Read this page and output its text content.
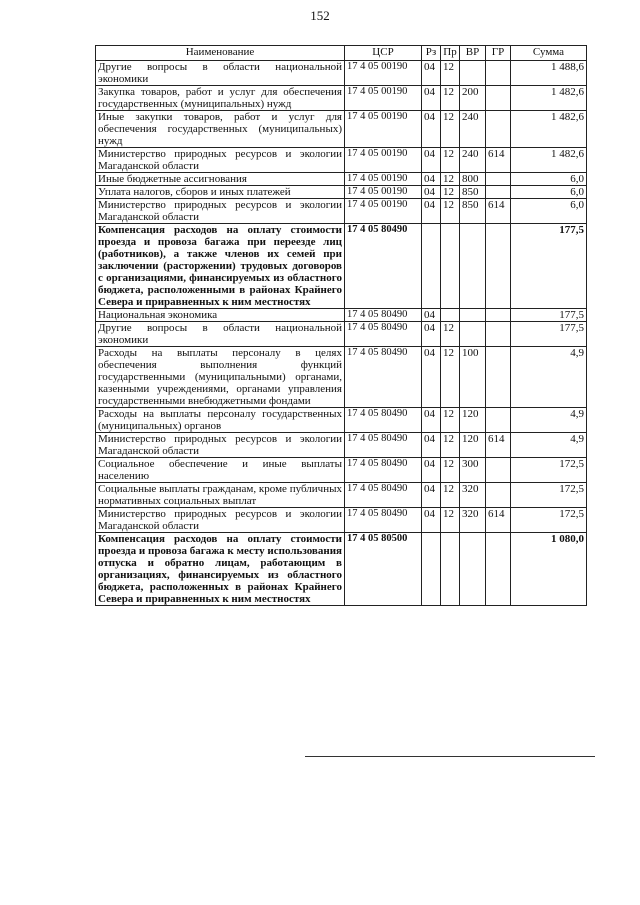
152
Наименование	ЦСР	Рз	Пр	ВР	ГР	Сумма
Другие вопросы в области национальной экономики	17 4 05 00190	04	12			1 488,6
Закупка товаров, работ и услуг для обеспечения государственных (муниципальных) нужд	17 4 05 00190	04	12	200		1 482,6
Иные закупки товаров, работ и услуг для обеспечения государственных (муниципальных) нужд	17 4 05 00190	04	12	240		1 482,6
Министерство природных ресурсов и экологии Магаданской области	17 4 05 00190	04	12	240	614	1 482,6
Иные бюджетные ассигнования	17 4 05 00190	04	12	800		6,0
Уплата налогов, сборов и иных платежей	17 4 05 00190	04	12	850		6,0
Министерство природных ресурсов и экологии Магаданской области	17 4 05 00190	04	12	850	614	6,0
Компенсация расходов на оплату стоимости проезда и провоза багажа при переезде лиц (работников), а также членов их семей при заключении (расторжении) трудовых договоров с организациями, финансируемых из областного бюджета, расположенными в районах Крайнего Севера и приравненных к ним местностях	17 4 05 80490					177,5
Национальная экономика	17 4 05 80490	04				177,5
Другие вопросы в области национальной экономики	17 4 05 80490	04	12			177,5
Расходы на выплаты персоналу в целях обеспечения выполнения функций государственными (муниципальными) органами, казенными учреждениями, органами управления государственными внебюджетными фондами	17 4 05 80490	04	12	100		4,9
Расходы на выплаты персоналу государственных (муниципальных) органов	17 4 05 80490	04	12	120		4,9
Министерство природных ресурсов и экологии Магаданской области	17 4 05 80490	04	12	120	614	4,9
Социальное обеспечение и иные выплаты населению	17 4 05 80490	04	12	300		172,5
Социальные выплаты гражданам, кроме публичных нормативных социальных выплат	17 4 05 80490	04	12	320		172,5
Министерство природных ресурсов и экологии Магаданской области	17 4 05 80490	04	12	320	614	172,5
Компенсация расходов на оплату стоимости проезда и провоза багажа к месту использования отпуска и обратно лицам, работающим в организациях, финансируемых из областного бюджета, расположенных в районах Крайнего Севера и приравненных к ним местностях	17 4 05 80500					1 080,0
